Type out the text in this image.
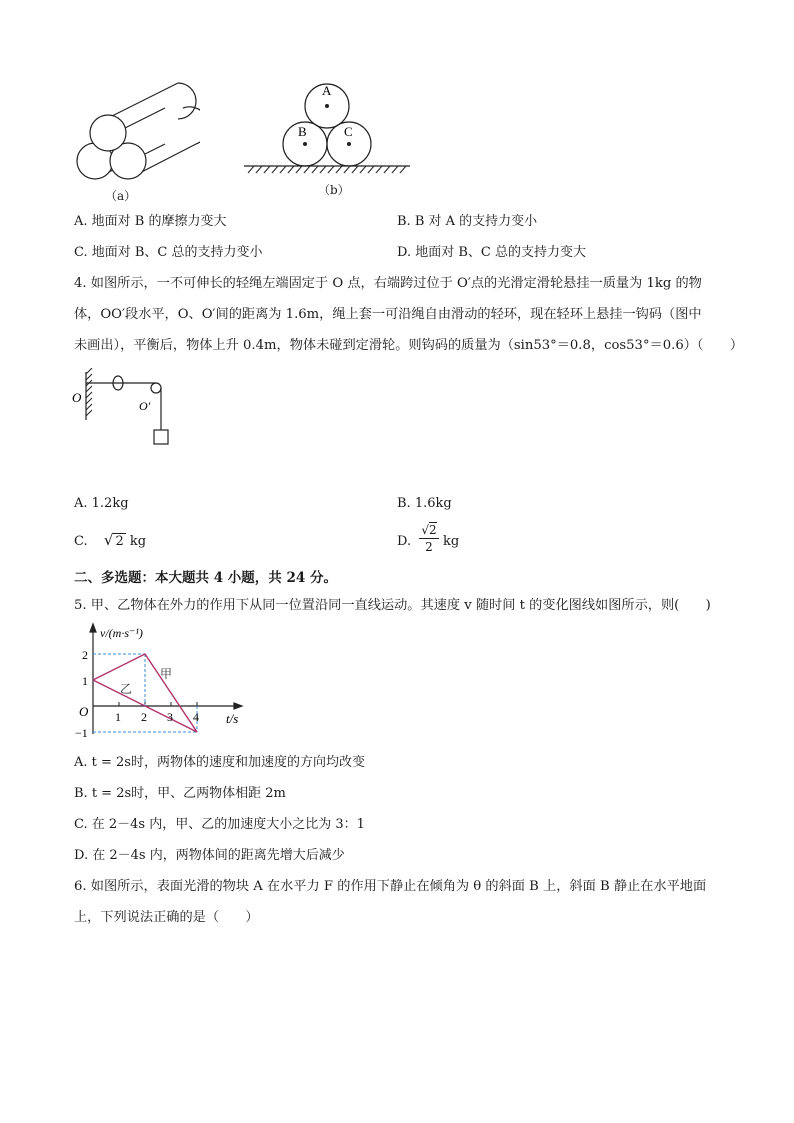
（a）
A
B	C
（b）
A. 地面对 B 的摩擦力变大	B. B 对 A 的支持力变小
C. 地面对 B、C 总的支持力变小	D. 地面对 B、C 总的支持力变大
4. 如图所示，一不可伸长的轻绳左端固定于 O 点，右端跨过位于 O′点的光滑定滑轮悬挂一质量为 1kg 的物
体，OO′段水平，O、O′间的距离为 1.6m，绳上套一可沿绳自由滑动的轻环，现在轻环上悬挂一钩码（图中
未画出），平衡后，物体上升 0.4m，物体未碰到定滑轮。则钩码的质量为（sin53°＝0.8，cos53°＝0.6）（　　）
O
O′
A. 1.2kg	B. 1.6kg
C. √ 2 kg	D.
√2
2 kg
二、多选题：本大题共 4 小题，共 24 分。
5. 甲、乙物体在外力的作用下从同一位置沿同一直线运动。其速度 v 随时间 t 的变化图线如图所示，则(　　)
v/(m·s⁻¹)
t/s
O 1 2 3 4
2
1
−1
甲
乙
A. t = 2s时，两物体的速度和加速度的方向均改变
B. t = 2s时，甲、乙两物体相距 2m
C. 在 2－4s 内，甲、乙的加速度大小之比为 3：1
D. 在 2－4s 内，两物体间的距离先增大后减少
6. 如图所示，表面光滑的物块 A 在水平力 F 的作用下静止在倾角为 θ 的斜面 B 上，斜面 B 静止在水平地面
上，下列说法正确的是（　　）
